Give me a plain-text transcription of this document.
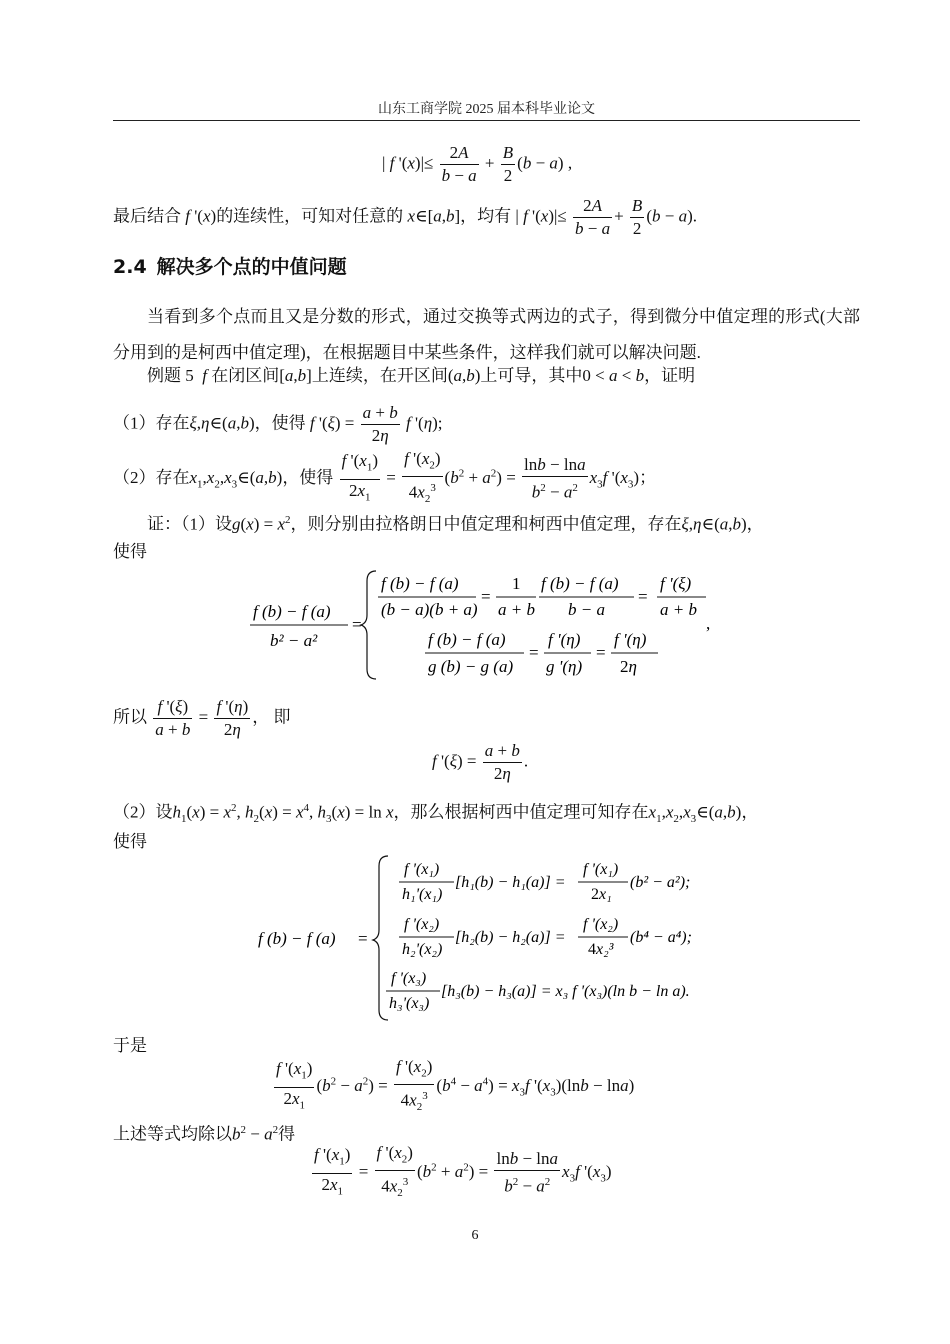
山东工商学院 2025 届本科毕业论文
| f '$(x)|\le \frac{2A}{b - a} + \frac{B}{2} (b - a)$ ,
最后结合 f '(x)的连续性，可知对任意的 x∈[a,b]，均有 | f '$(x)|\le \frac{2A}{b - a} + \frac{B}{2} (b - a)$.
2.4 解决多个点的中值问题
当看到多个点而且又是分数的形式，通过交换等式两边的式子，得到微分中值定理的形式(大部分用到的是柯西中值定理)，在根据题目中某些条件，这样我们就可以解决问题.
例题 5 f 在闭区间[a,b]上连续，在开区间(a,b)上可导，其中0 < a < b，证明
（1）存在ξ,η∈(a,b)，使得 f '$(\xi) = \frac{a + b}{2\eta}$ f '(η);
（2）存在$x_1,x_2,x_3\in(a,b)$，使得 $\frac{f '(x_1)}{2x_1} = \frac{f '(x_2)}{4x_2^3} (b^2 + a^2) = \frac{\ln b - \ln a}{b^2 - a^2} x_3f$ '$(x_3)$；
证：（1）设$g(x) = x^2$，则分别由拉格朗日中值定理和柯西中值定理，存在ξ,η∈(a,b)，
使得
f (b) − f (a)
b² − a²
=
f (b) − f (a)
(b − a)(b + a)
=
1
a + b
f (b) − f (a)
b − a
=
f '(ξ)
a + b
,
f (b) − f (a)
g (b) − g (a)
=
f '(η)
g '(η)
=
f '(η)
2η
所以 $\frac{f '(\xi)}{a + b} = \frac{f '(\eta)}{2\eta}$ ， 即
f '$(\xi) = \frac{a + b}{2\eta}$ .
（2）设$h_1(x) = x^2$, $h_2(x) = x^4$, $h_3(x) = \ln x$，那么根据柯西中值定理可知存在$x_1,x_2,x_3\in(a,b)$，
使得
f (b) − f (a) =
f '(x₁)
h₁'(x₁)
[h₁(b) − h₁(a)] =
f '(x₁)
2x₁
(b² − a²);
f '(x₂)
h₂'(x₂)
[h₂(b) − h₂(a)] =
f '(x₂)
4x₂³
(b⁴ − a⁴);
f '(x₃)
h₃'(x₃)
[h₃(b) − h₃(a)] = x₃ f '(x₃)(ln b − ln a).
于是
$\frac{f '(x_1)}{2x_1} (b^2 - a^2) = \frac{f '(x_2)}{4x_2^3} (b^4 - a^4) = x_3f$ '$(x_3)(\ln b - \ln a)$
上述等式均除以$b^2 - a^2$得
$\frac{f '(x_1)}{2x_1} = \frac{f '(x_2)}{4x_2^3} (b^2 + a^2) = \frac{\ln b - \ln a}{b^2 - a^2} x_3f$ '$(x_3)$
6
